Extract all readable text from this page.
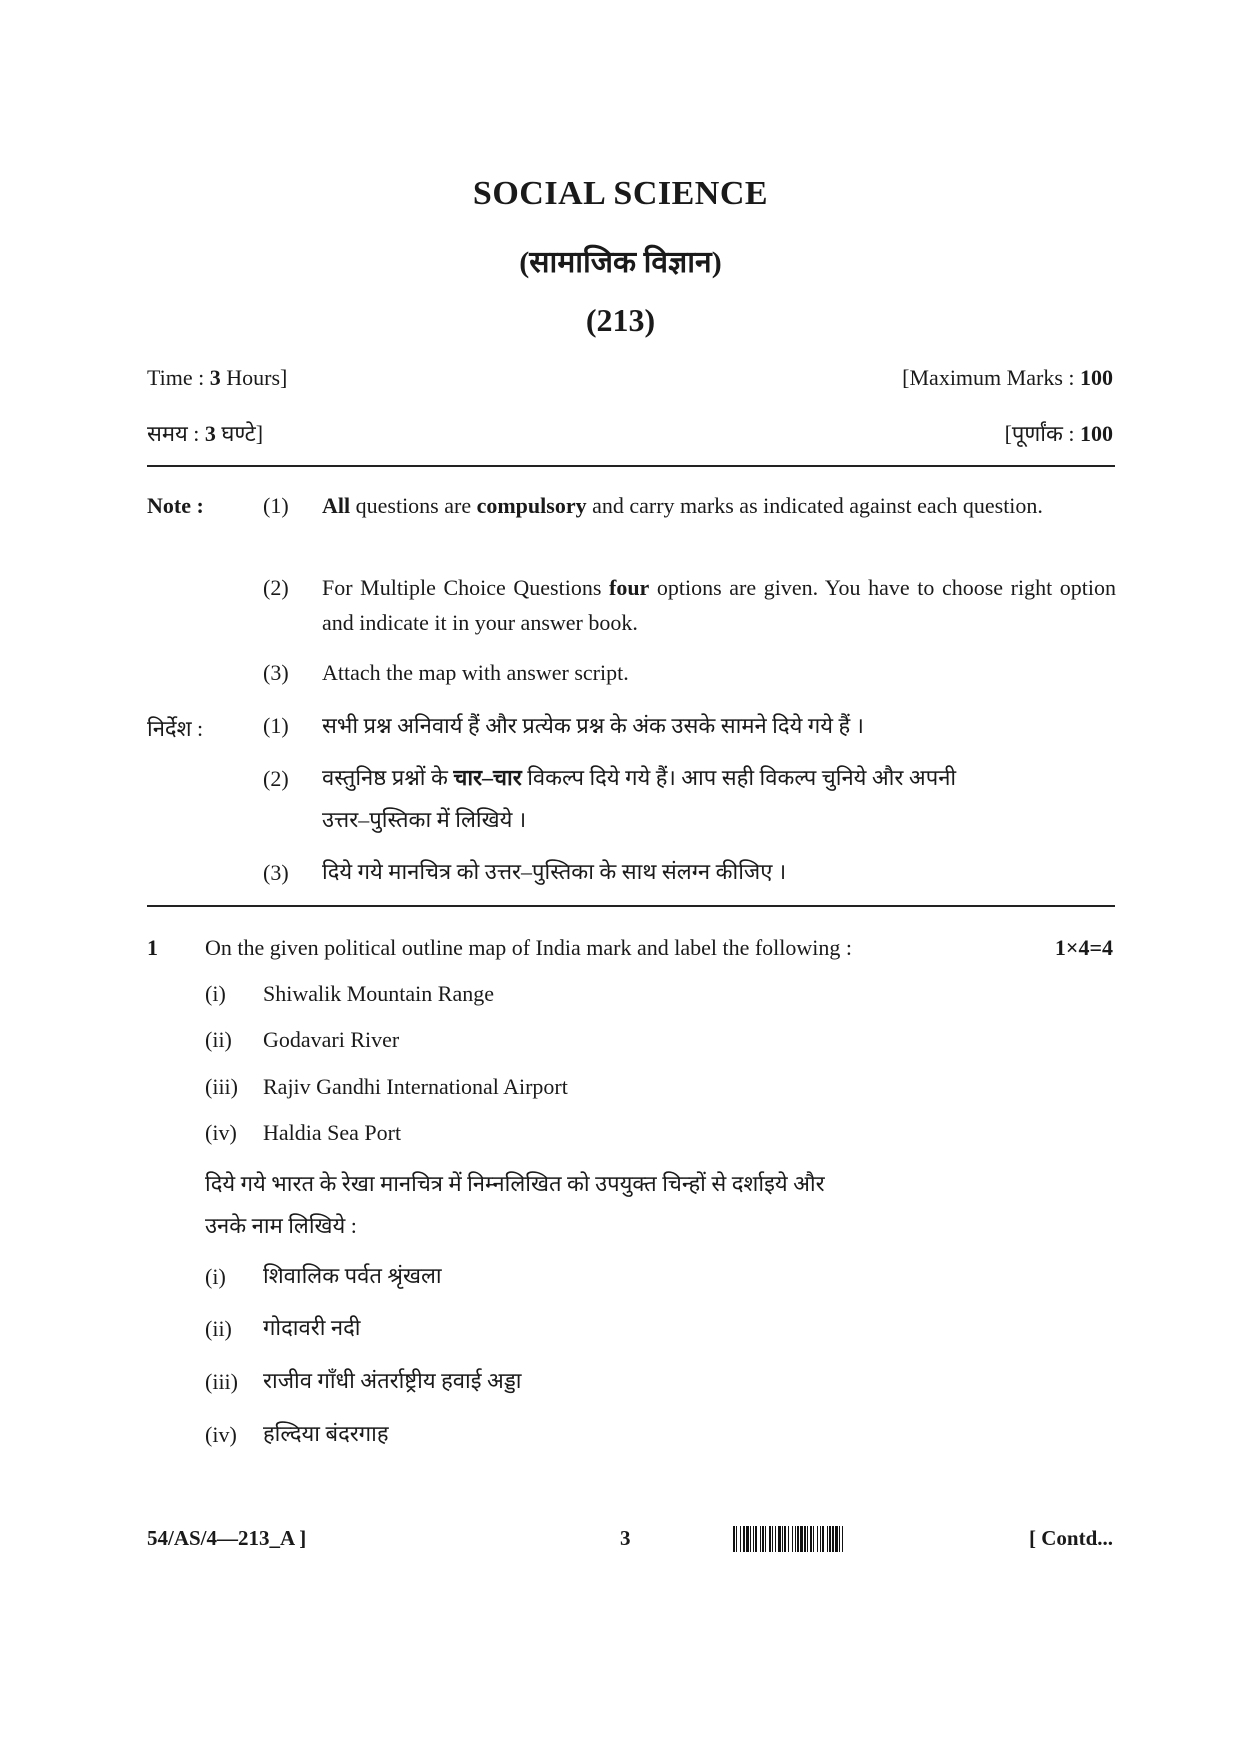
SOCIAL SCIENCE
(सामाजिक विज्ञान)
(213)
Time : 3 Hours]	[Maximum Marks : 100
समय : 3 घण्टे]	[पूर्णांक : 100
Note :	(1) All questions are compulsory and carry marks as indicated against each question.
(2) For Multiple Choice Questions four options are given. You have to choose right option and indicate it in your answer book.
(3) Attach the map with answer script.
निर्देश :	(1) सभी प्रश्न अनिवार्य हैं और प्रत्येक प्रश्न के अंक उसके सामने दिये गये हैं ।
(2) वस्तुनिष्ठ प्रश्नों के चार–चार विकल्प दिये गये हैं। आप सही विकल्प चुनिये और अपनी
उत्तर–पुस्तिका में लिखिये ।
(3) दिये गये मानचित्र को उत्तर–पुस्तिका के साथ संलग्न कीजिए ।
1 On the given political outline map of India mark and label the following :	1×4=4
(i) Shiwalik Mountain Range
(ii) Godavari River
(iii) Rajiv Gandhi International Airport
(iv) Haldia Sea Port
दिये गये भारत के रेखा मानचित्र में निम्नलिखित को उपयुक्त चिन्हों से दर्शाइये और
उनके नाम लिखिये :
(i) शिवालिक पर्वत श्रृंखला
(ii) गोदावरी नदी
(iii) राजीव गाँधी अंतर्राष्ट्रीय हवाई अड्डा
(iv) हल्दिया बंदरगाह
54/AS/4—213_A ]	3	[ Contd...
